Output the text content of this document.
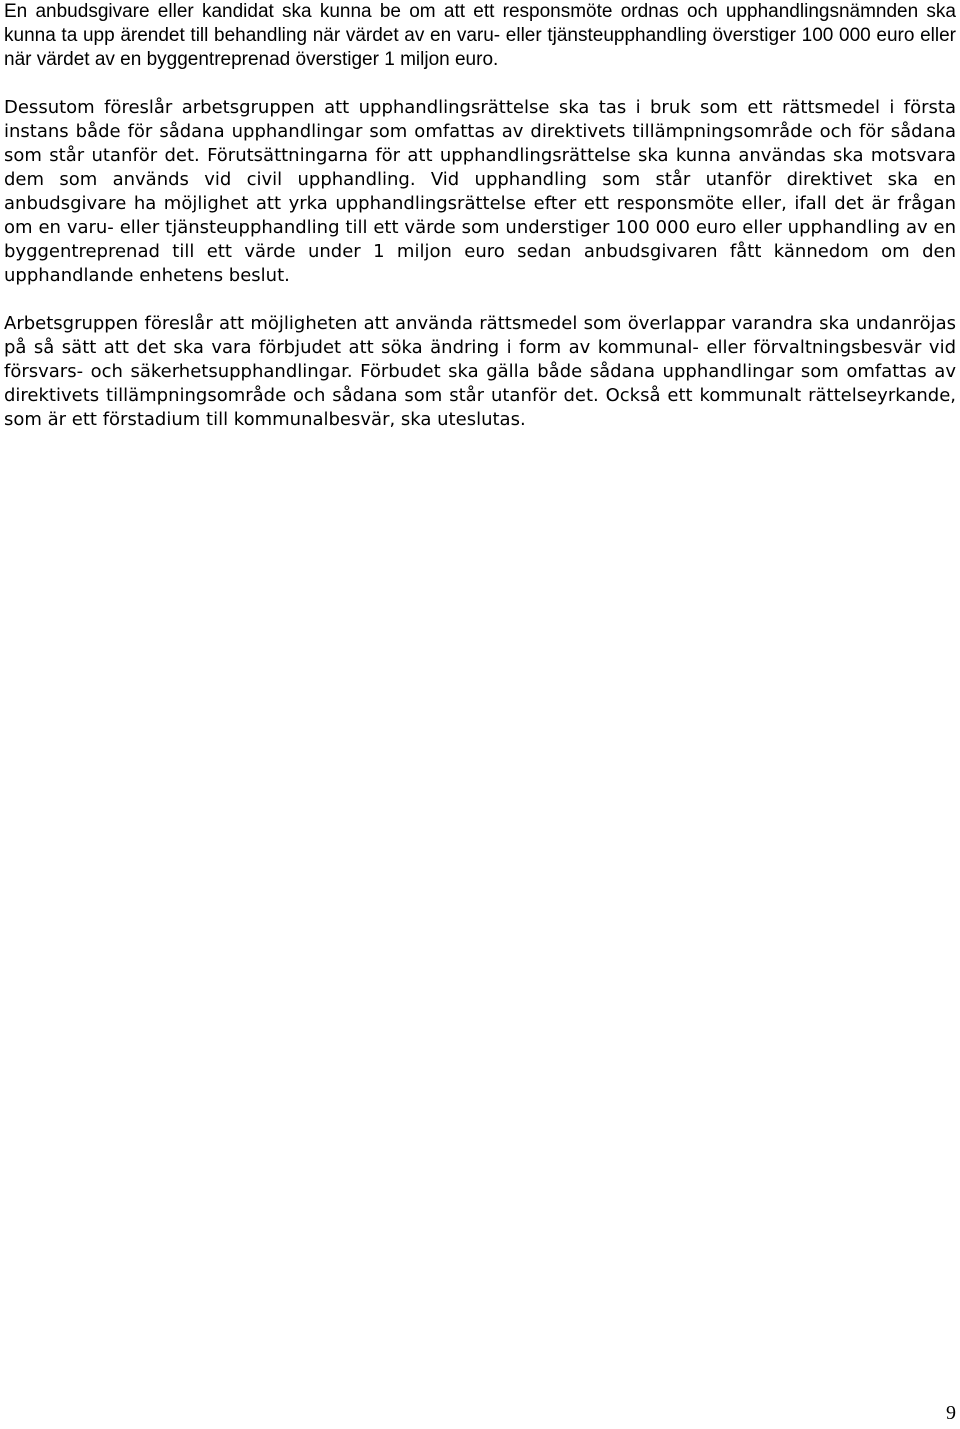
En anbudsgivare eller kandidat ska kunna be om att ett responsmöte ordnas och upphandlingsnämnden ska kunna ta upp ärendet till behandling när värdet av en varu- eller tjänsteupphandling överstiger 100 000 euro eller när värdet av en byggentreprenad överstiger 1 miljon euro.

Dessutom föreslår arbetsgruppen att upphandlingsrättelse ska tas i bruk som ett rättsmedel i första instans både för sådana upphandlingar som omfattas av direktivets tillämpningsområde och för sådana som står utanför det. Förutsättningarna för att upphandlingsrättelse ska kunna användas ska motsvara dem som används vid civil upphandling. Vid upphandling som står utanför direktivet ska en anbudsgivare ha möjlighet att yrka upphandlingsrättelse efter ett responsmöte eller, ifall det är frågan om en varu- eller tjänsteupphandling till ett värde som understiger 100 000 euro eller upphandling av en byggentreprenad till ett värde under 1 miljon euro sedan anbudsgivaren fått kännedom om den upphandlande enhetens beslut.

Arbetsgruppen föreslår att möjligheten att använda rättsmedel som överlappar varandra ska undanröjas på så sätt att det ska vara förbjudet att söka ändring i form av kommunal- eller förvaltningsbesvär vid försvars- och säkerhetsupphandlingar. Förbudet ska gälla både sådana upphandlingar som omfattas av direktivets tillämpningsområde och sådana som står utanför det. Också ett kommunalt rättelseyrkande, som är ett förstadium till kommunalbesvär, ska uteslutas.

9
